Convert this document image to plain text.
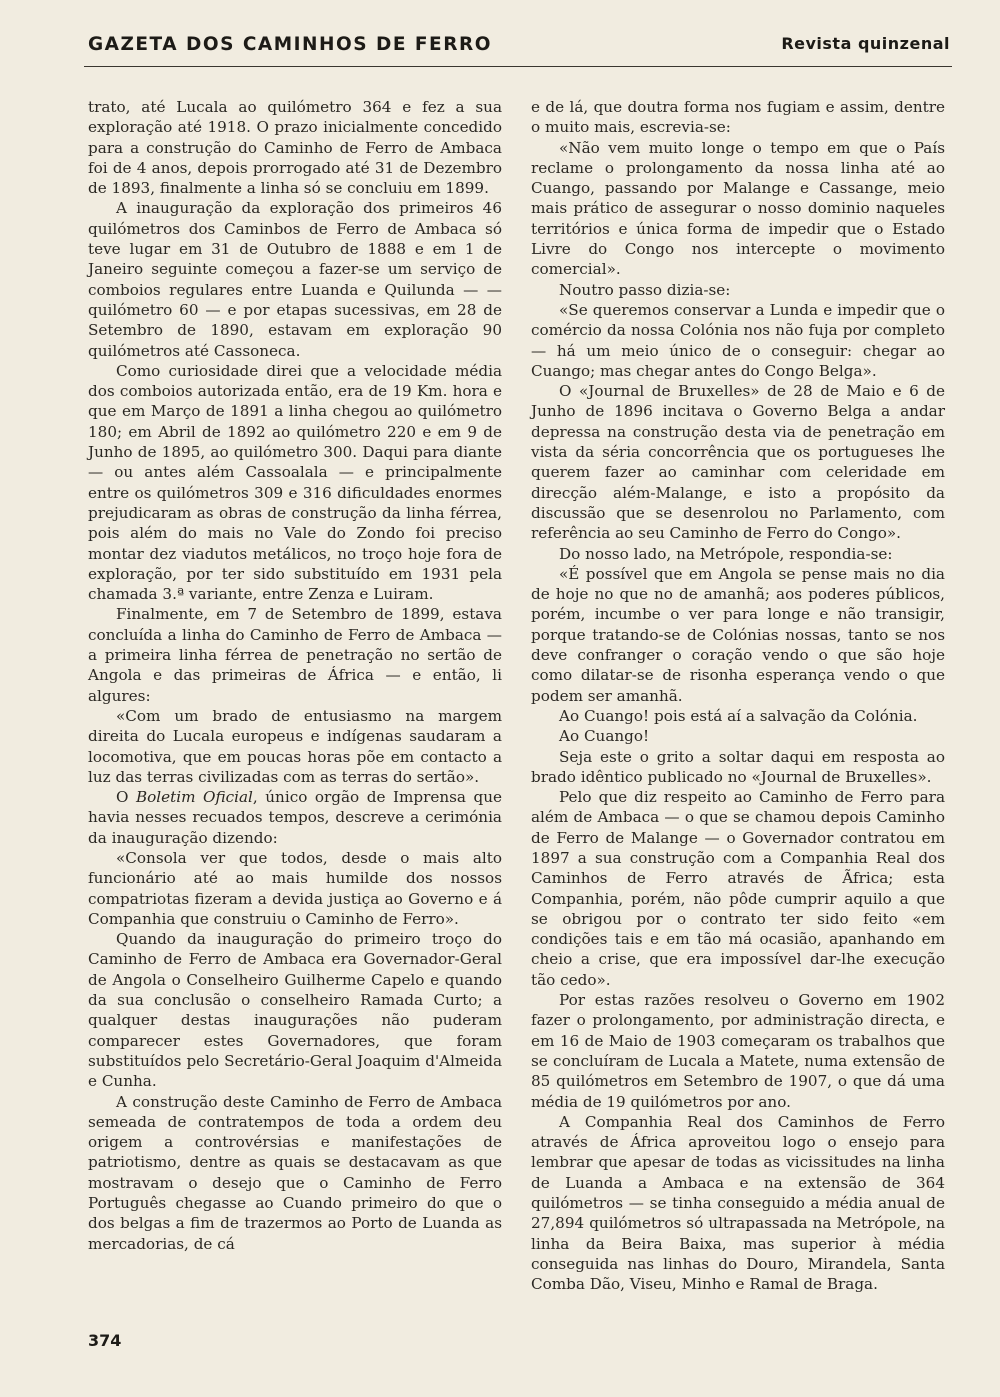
GAZETA DOS CAMINHOS DE FERRO	Revista quinzenal

trato, até Lucala ao quilómetro 364 e fez a sua exploração até 1918. O prazo inicialmente concedido para a construção do Caminho de Ferro de Ambaca foi de 4 anos, depois prorrogado até 31 de Dezembro de 1893, finalmente a linha só se concluiu em 1899.

A inauguração da exploração dos primeiros 46 quilómetros dos Caminbos de Ferro de Ambaca só teve lugar em 31 de Outubro de 1888 e em 1 de Janeiro seguinte começou a fazer-se um serviço de comboios regulares entre Luanda e Quilunda — — quilómetro 60 — e por etapas sucessivas, em 28 de Setembro de 1890, estavam em exploração 90 quilómetros até Cassoneca.

Como curiosidade direi que a velocidade média dos comboios autorizada então, era de 19 Km. hora e que em Março de 1891 a linha chegou ao quilómetro 180; em Abril de 1892 ao quilómetro 220 e em 9 de Junho de 1895, ao quilómetro 300. Daqui para diante — ou antes além Cassoalala — e principalmente entre os quilómetros 309 e 316 dificuldades enormes prejudicaram as obras de construção da linha férrea, pois além do mais no Vale do Zondo foi preciso montar dez viadutos metálicos, no troço hoje fora de exploração, por ter sido substituído em 1931 pela chamada 3.ª variante, entre Zenza e Luiram.

Finalmente, em 7 de Setembro de 1899, estava concluída a linha do Caminho de Ferro de Ambaca — a primeira linha férrea de penetração no sertão de Angola e das primeiras de África — e então, li algures:

«Com um brado de entusiasmo na margem direita do Lucala europeus e indígenas saudaram a locomotiva, que em poucas horas põe em contacto a luz das terras civilizadas com as terras do sertão».

O Boletim Oficial, único orgão de Imprensa que havia nesses recuados tempos, descreve a cerimónia da inauguração dizendo:

«Consola ver que todos, desde o mais alto funcionário até ao mais humilde dos nossos compatriotas fizeram a devida justiça ao Governo e á Companhia que construiu o Caminho de Ferro».

Quando da inauguração do primeiro troço do Caminho de Ferro de Ambaca era Governador-Geral de Angola o Conselheiro Guilherme Capelo e quando da sua conclusão o conselheiro Ramada Curto; a qualquer destas inaugurações não puderam comparecer estes Governadores, que foram substituídos pelo Secretário-Geral Joaquim d'Almeida e Cunha.

A construção deste Caminho de Ferro de Ambaca semeada de contratempos de toda a ordem deu origem a controvérsias e manifestações de patriotismo, dentre as quais se destacavam as que mostravam o desejo que o Caminho de Ferro Português chegasse ao Cuando primeiro do que o dos belgas a fim de trazermos ao Porto de Luanda as mercadorias, de cá

e de lá, que doutra forma nos fugiam e assim, dentre o muito mais, escrevia-se:

«Não vem muito longe o tempo em que o País reclame o prolongamento da nossa linha até ao Cuango, passando por Malange e Cassange, meio mais prático de assegurar o nosso dominio naqueles territórios e única forma de impedir que o Estado Livre do Congo nos intercepte o movimento comercial».

Noutro passo dizia-se:

«Se queremos conservar a Lunda e impedir que o comércio da nossa Colónia nos não fuja por completo — há um meio único de o conseguir: chegar ao Cuango; mas chegar antes do Congo Belga».

O «Journal de Bruxelles» de 28 de Maio e 6 de Junho de 1896 incitava o Governo Belga a andar depressa na construção desta via de penetração em vista da séria concorrência que os portugueses lhe querem fazer ao caminhar com celeridade em direcção além-Malange, e isto a propósito da discussão que se desenrolou no Parlamento, com referência ao seu Caminho de Ferro do Congo».

Do nosso lado, na Metrópole, respondia-se:

«É possível que em Angola se pense mais no dia de hoje no que no de amanhã; aos poderes públicos, porém, incumbe o ver para longe e não transigir, porque tratando-se de Colónias nossas, tanto se nos deve confranger o coração vendo o que são hoje como dilatar-se de risonha esperança vendo o que podem ser amanhã.

Ao Cuango! pois está aí a salvação da Colónia.

Ao Cuango!

Seja este o grito a soltar daqui em resposta ao brado idêntico publicado no «Journal de Bruxelles».

Pelo que diz respeito ao Caminho de Ferro para além de Ambaca — o que se chamou depois Caminho de Ferro de Malange — o Governador contratou em 1897 a sua construção com a Companhia Real dos Caminhos de Ferro através de Ãfrica; esta Companhia, porém, não pôde cumprir aquilo a que se obrigou por o contrato ter sido feito «em condições tais e em tão má ocasião, apanhando em cheio a crise, que era impossível dar-lhe execução tão cedo».

Por estas razões resolveu o Governo em 1902 fazer o prolongamento, por administração directa, e em 16 de Maio de 1903 começaram os trabalhos que se concluíram de Lucala a Matete, numa extensão de 85 quilómetros em Setembro de 1907, o que dá uma média de 19 quilómetros por ano.

A Companhia Real dos Caminhos de Ferro através de África aproveitou logo o ensejo para lembrar que apesar de todas as vicissitudes na linha de Luanda a Ambaca e na extensão de 364 quilómetros — se tinha conseguido a média anual de 27,894 quilómetros só ultrapassada na Metrópole, na linha da Beira Baixa, mas superior à média conseguida nas linhas do Douro, Mirandela, Santa Comba Dão, Viseu, Minho e Ramal de Braga.

374
